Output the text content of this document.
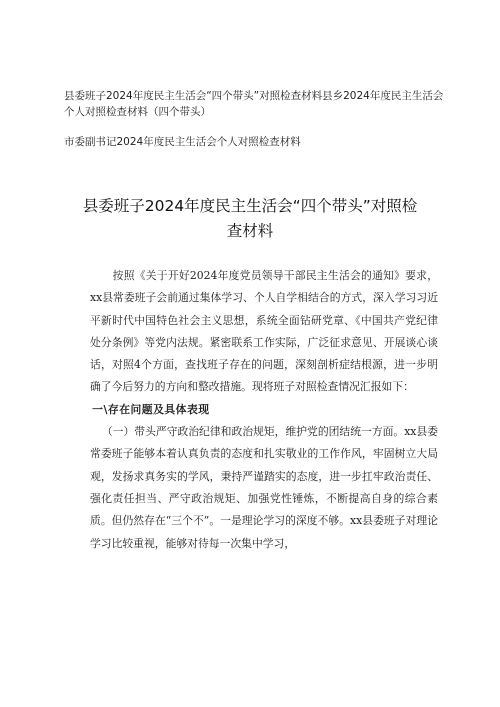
县委班子2024年度民主生活会“四个带头”对照检查材料县乡2024年度民主生活会个人对照检查材料（四个带头）

市委副书记2024年度民主生活会个人对照检查材料

县委班子2024年度民主生活会“四个带头”对照检查材料

按照《关于开好2024年度党员领导干部民主生活会的通知》要求，xx县常委班子会前通过集体学习、个人自学相结合的方式，深入学习习近平新时代中国特色社会主义思想，系统全面钻研党章、《中国共产党纪律处分条例》等党内法规。紧密联系工作实际，广泛征求意见、开展谈心谈话，对照4个方面，查找班子存在的问题，深刻剖析症结根源，进一步明确了今后努力的方向和整改措施。现将班子对照检查情况汇报如下：

一\存在问题及具体表现

（一）带头严守政治纪律和政治规矩，维护党的团结统一方面。xx县委常委班子能够本着认真负责的态度和扎实敬业的工作作风，牢固树立大局观，发扬求真务实的学风，秉持严谨踏实的态度，进一步扛牢政治责任、强化责任担当、严守政治规矩、加强党性锤炼，不断提高自身的综合素质。但仍然存在“三个不”。一是理论学习的深度不够。xx县委班子对理论学习比较重视，能够对待每一次集中学习，
